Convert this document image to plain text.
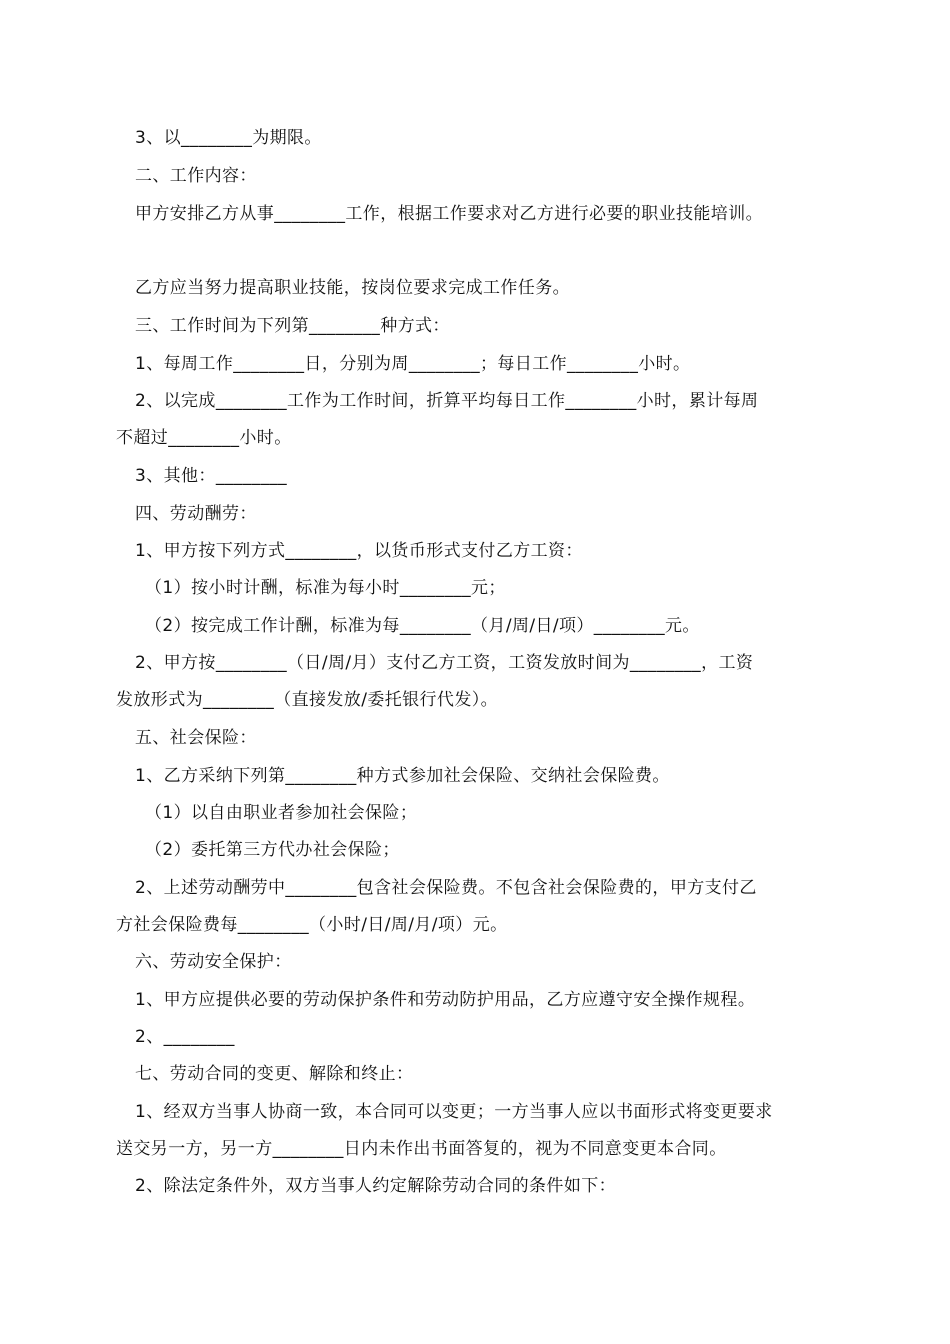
3、以________为期限。
二、工作内容：
甲方安排乙方从事________工作，根据工作要求对乙方进行必要的职业技能培训。
乙方应当努力提高职业技能，按岗位要求完成工作任务。
三、工作时间为下列第________种方式：
1、每周工作________日，分别为周________；每日工作________小时。
2、以完成________工作为工作时间，折算平均每日工作________小时，累计每周
不超过________小时。
3、其他：________
四、劳动酬劳：
1、甲方按下列方式________，以货币形式支付乙方工资：
（1）按小时计酬，标准为每小时________元；
（2）按完成工作计酬，标准为每________（月/周/日/项）________元。
2、甲方按________（日/周/月）支付乙方工资，工资发放时间为________，工资
发放形式为________（直接发放/委托银行代发）。
五、社会保险：
1、乙方采纳下列第________种方式参加社会保险、交纳社会保险费。
（1）以自由职业者参加社会保险；
（2）委托第三方代办社会保险；
2、上述劳动酬劳中________包含社会保险费。不包含社会保险费的，甲方支付乙
方社会保险费每________（小时/日/周/月/项）元。
六、劳动安全保护：
1、甲方应提供必要的劳动保护条件和劳动防护用品，乙方应遵守安全操作规程。
2、________
七、劳动合同的变更、解除和终止：
1、经双方当事人协商一致，本合同可以变更；一方当事人应以书面形式将变更要求
送交另一方，另一方________日内未作出书面答复的，视为不同意变更本合同。
2、除法定条件外，双方当事人约定解除劳动合同的条件如下：
